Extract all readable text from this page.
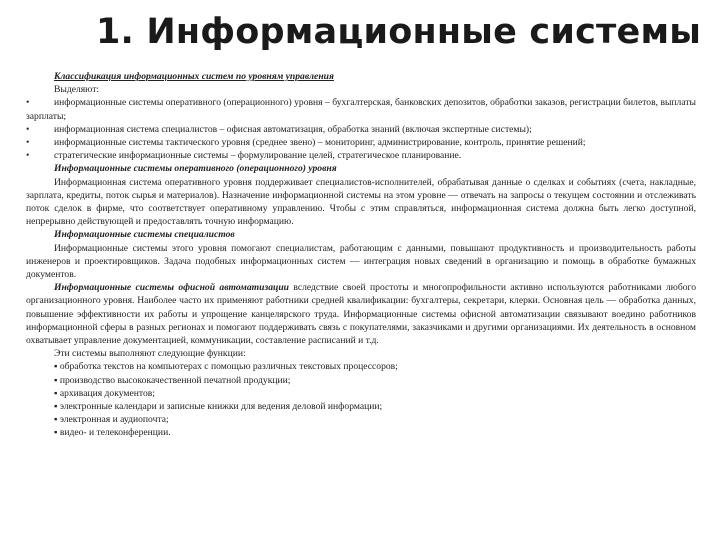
1. Информационные системы

Классификация информационных систем по уровням управления

Выделяют:

•	информационные системы оперативного (операционного) уровня – бухгалтерская, банковских депозитов, обработки заказов, регистрации билетов, выплаты зарплаты;

•	информационная система специалистов – офисная автоматизация, обработка знаний (включая экспертные системы);

•	информационные системы тактического уровня (среднее звено) – мониторинг, администрирование, контроль, принятие решений;

•	стратегические информационные системы – формулирование целей, стратегическое планирование.

Информационные системы оперативного (операционного) уровня

Информационная система оперативного уровня поддерживает специалистов-исполнителей, обрабатывая данные о сделках и событиях (счета, накладные, зарплата, кредиты, поток сырья и материалов). Назначение информационной системы на этом уровне — отвечать на запросы о текущем состоянии и отслеживать поток сделок в фирме, что соответствует оперативному управлению. Чтобы с этим справляться, информационная система должна быть легко доступной, непрерывно действующей и предоставлять точную информацию.

Информационные системы специалистов

Информационные системы этого уровня помогают специалистам, работающим с данными, повышают продуктивность и производительность работы инженеров и проектировщиков. Задача подобных информационных систем — интеграция новых сведений в организацию и помощь в обработке бумажных документов.

Информационные системы офисной автоматизации вследствие своей простоты и многопрофильности активно используются работниками любого организационного уровня. Наиболее часто их применяют работники средней квалификации: бухгалтеры, секретари, клерки. Основная цель — обработка данных, повышение эффективности их работы и упрощение канцелярского труда. Информационные системы офисной автоматизации связывают воедино работников информационной сферы в разных регионах и помогают поддерживать связь с покупателями, заказчиками и другими организациями. Их деятельность в основном охватывает управление документацией, коммуникации, составление расписаний и т.д.

Эти системы выполняют следующие функции:

▪ обработка текстов на компьютерах с помощью различных текстовых процессоров;

▪ производство высококачественной печатной продукции;

▪ архивация документов;

▪ электронные календари и записные книжки для ведения деловой информации;

▪ электронная и аудиопочта;

▪ видео- и телеконференции.
